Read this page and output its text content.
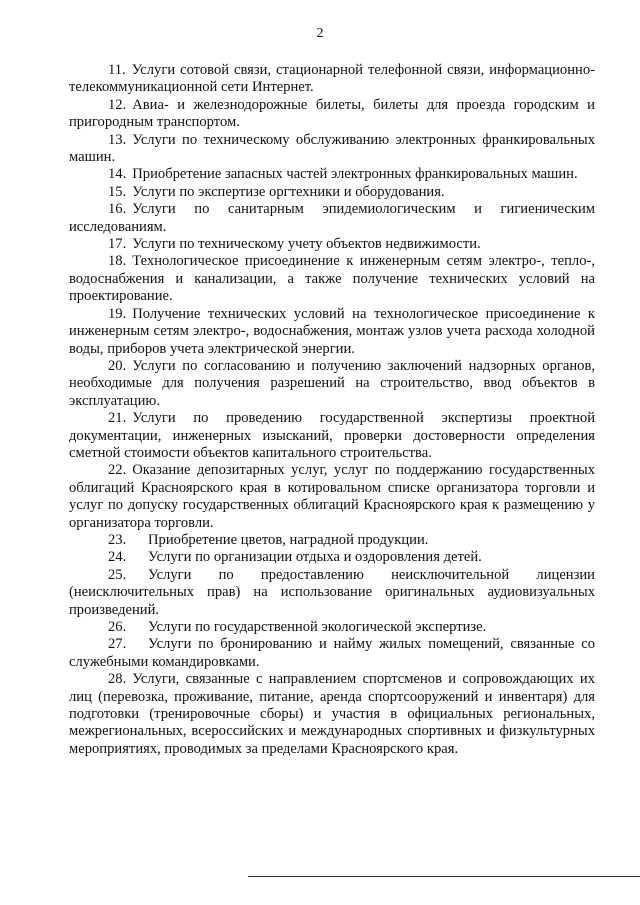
2

11. Услуги сотовой связи, стационарной телефонной связи, информационно-телекоммуникационной сети Интернет.

12. Авиа- и железнодорожные билеты, билеты для проезда городским и пригородным транспортом.

13. Услуги по техническому обслуживанию электронных франкировальных машин.

14. Приобретение запасных частей электронных франкировальных машин.

15. Услуги по экспертизе оргтехники и оборудования.

16. Услуги по санитарным эпидемиологическим и гигиеническим исследованиям.

17. Услуги по техническому учету объектов недвижимости.

18. Технологическое присоединение к инженерным сетям электро-, тепло-, водоснабжения и канализации, а также получение технических условий на проектирование.

19. Получение технических условий на технологическое присоединение к инженерным сетям электро-, водоснабжения, монтаж узлов учета расхода холодной воды, приборов учета электрической энергии.

20. Услуги по согласованию и получению заключений надзорных органов, необходимые для получения разрешений на строительство, ввод объектов в эксплуатацию.

21. Услуги по проведению государственной экспертизы проектной документации, инженерных изысканий, проверки достоверности определения сметной стоимости объектов капитального строительства.

22. Оказание депозитарных услуг, услуг по поддержанию государственных облигаций Красноярского края в котировальном списке организатора торговли и услуг по допуску государственных облигаций Красноярского края к размещению у организатора торговли.

23. Приобретение цветов, наградной продукции.

24. Услуги по организации отдыха и оздоровления детей.

25. Услуги по предоставлению неисключительной лицензии (неисключительных прав) на использование оригинальных аудиовизуальных произведений.

26. Услуги по государственной экологической экспертизе.

27. Услуги по бронированию и найму жилых помещений, связанные со служебными командировками.

28. Услуги, связанные с направлением спортсменов и сопровождающих их лиц (перевозка, проживание, питание, аренда спортсооружений и инвентаря) для подготовки (тренировочные сборы) и участия в официальных региональных, межрегиональных, всероссийских и международных спортивных и физкультурных мероприятиях, проводимых за пределами Красноярского края.
